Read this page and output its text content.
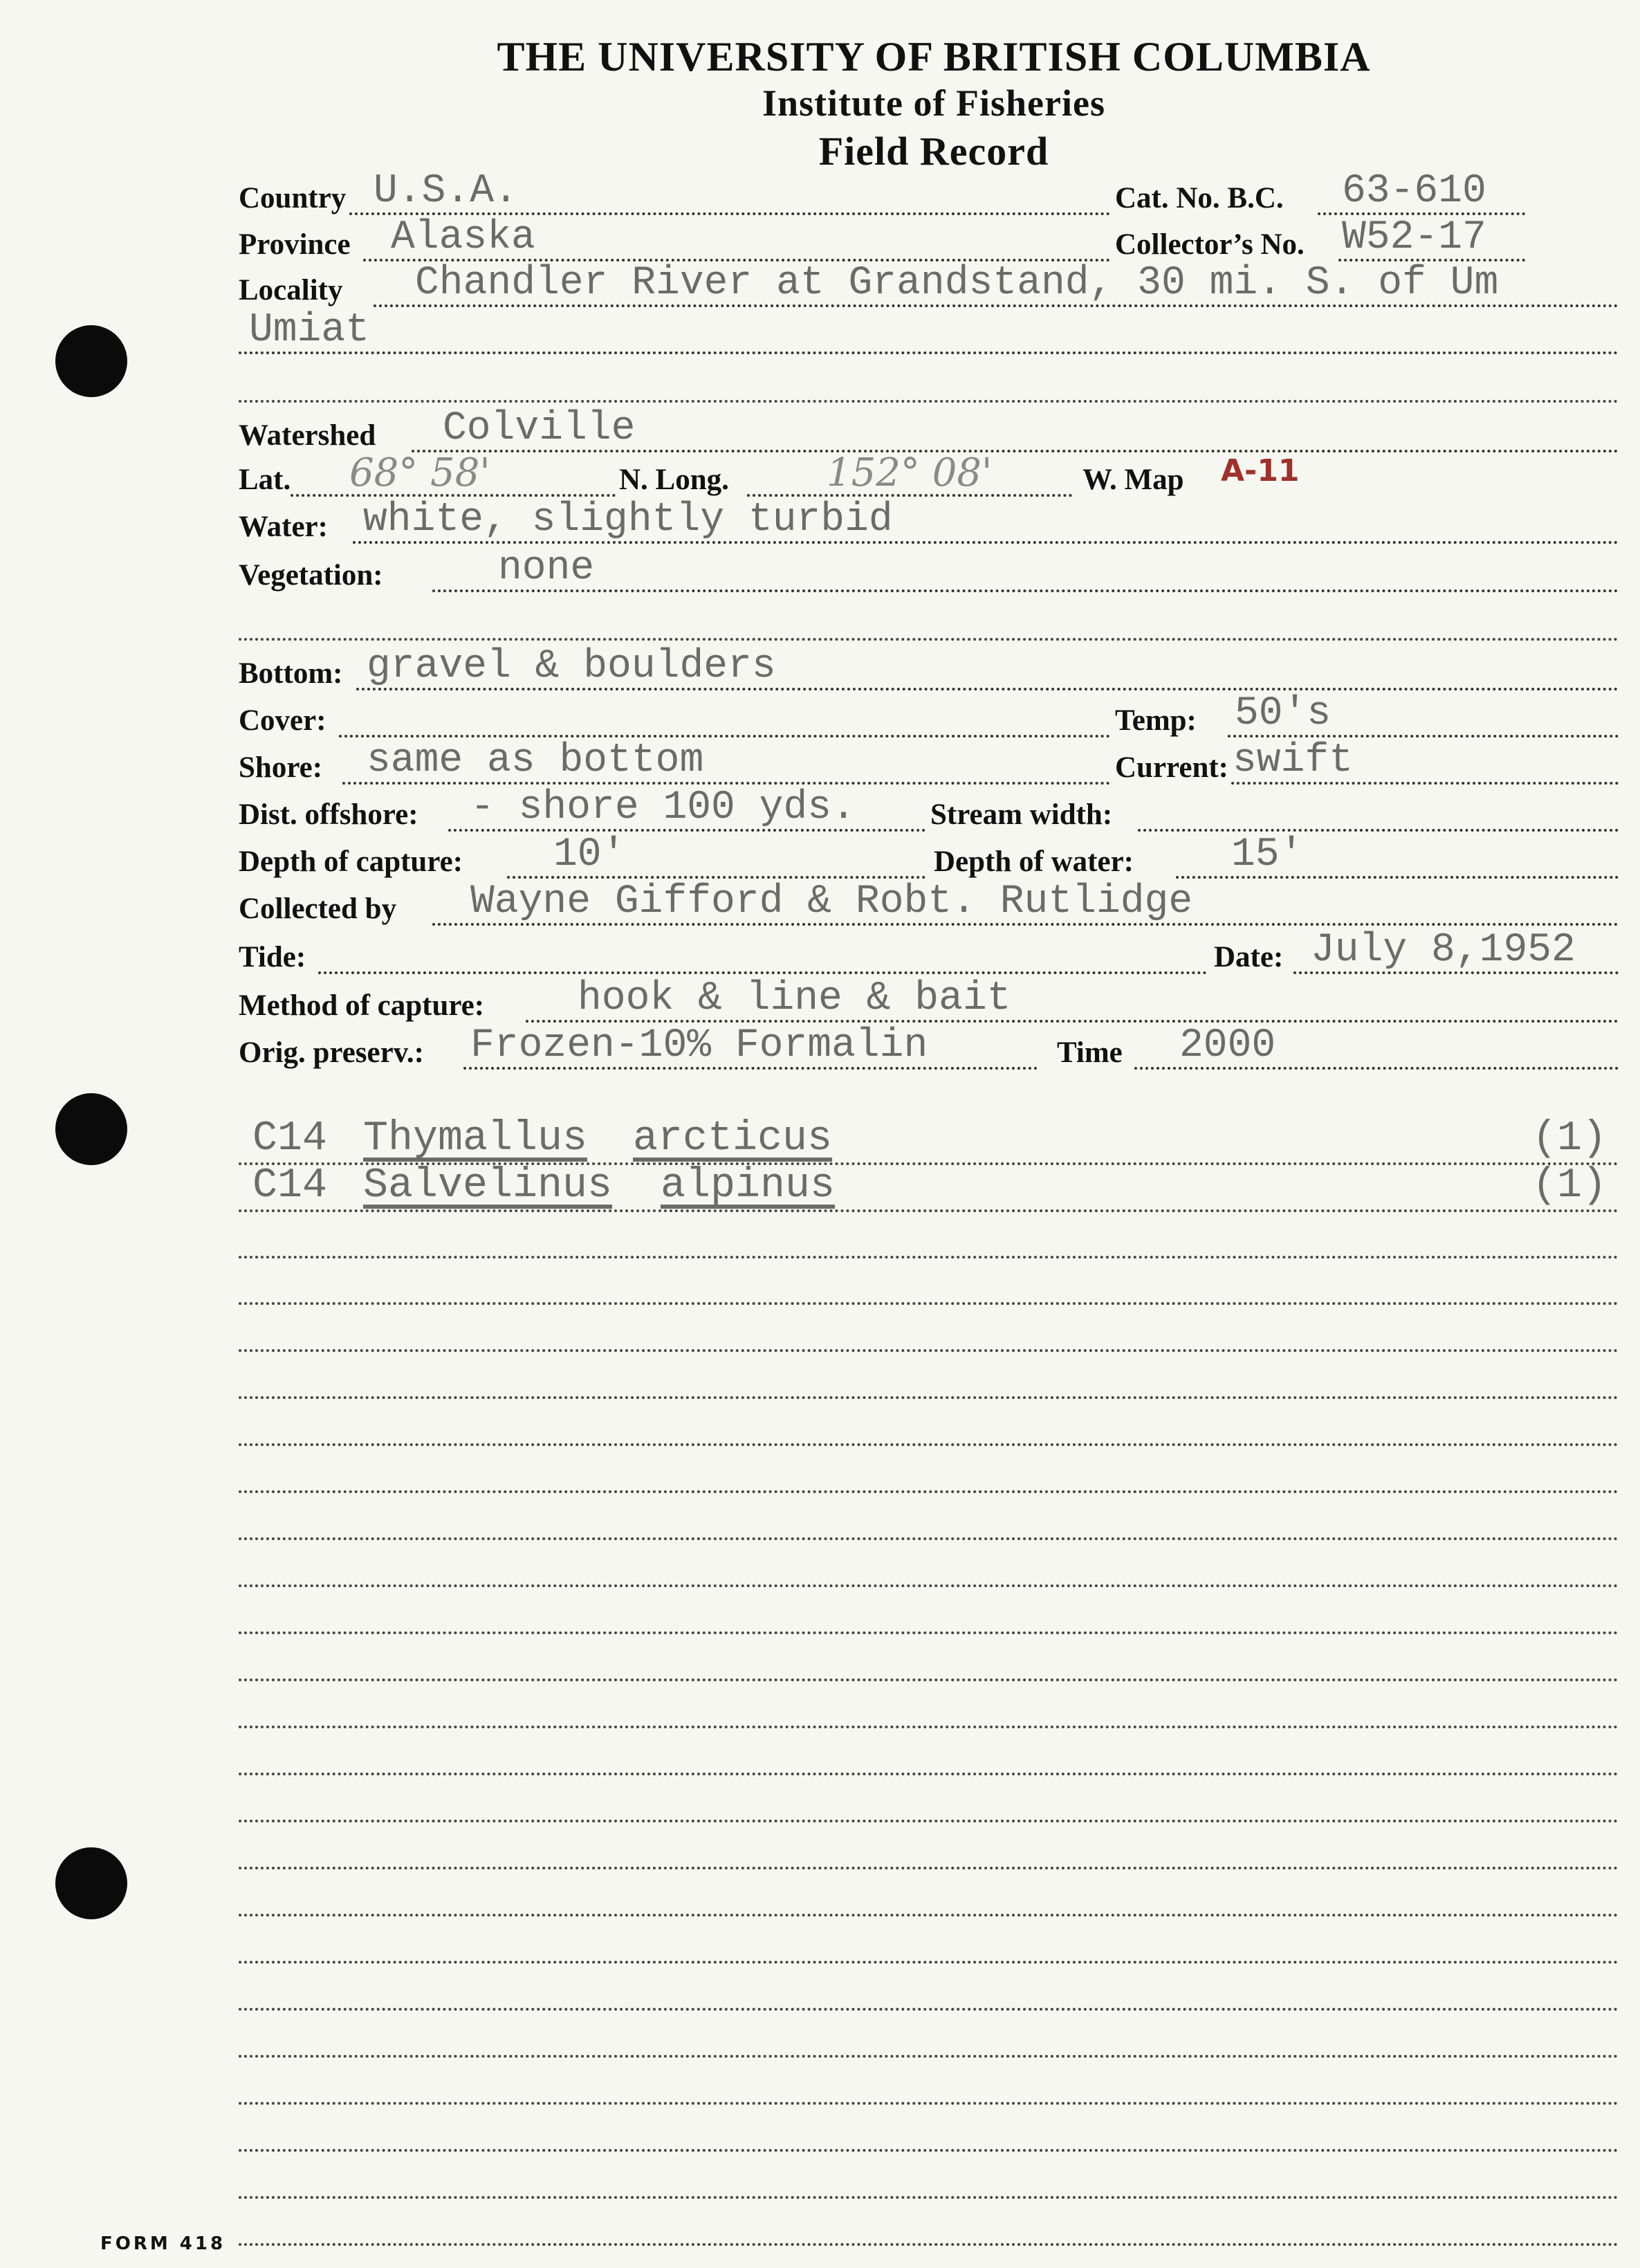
THE UNIVERSITY OF BRITISH COLUMBIA
Institute of Fisheries
Field Record
Country U.S.A.	Cat. No. B.C. 63-610
Province Alaska	Collector’s No. W52-17
Locality Chandler River at Grandstand, 30 mi. S. of Um
Umiat
Watershed Colville
Lat. 68° 58'	N. Long.	152° 08'	W. Map A-11
Water: white, slightly turbid
Vegetation:	none
Bottom: gravel & boulders
Cover:	Temp: 50's
Shore: same as bottom	Current: swift
Dist. offshore: - shore 100 yds.	Stream width:
Depth of capture: 10'	Depth of water: 15'
Collected by Wayne Gifford & Robt. Rutlidge
Tide:	Date: July 8,1952
Method of capture: hook & line & bait
Orig. preserv.: Frozen-10% Formalin	Time 2000
C14 Thymallus arcticus	(1)
C14 Salvelinus alpinus	(1)
FORM 418
